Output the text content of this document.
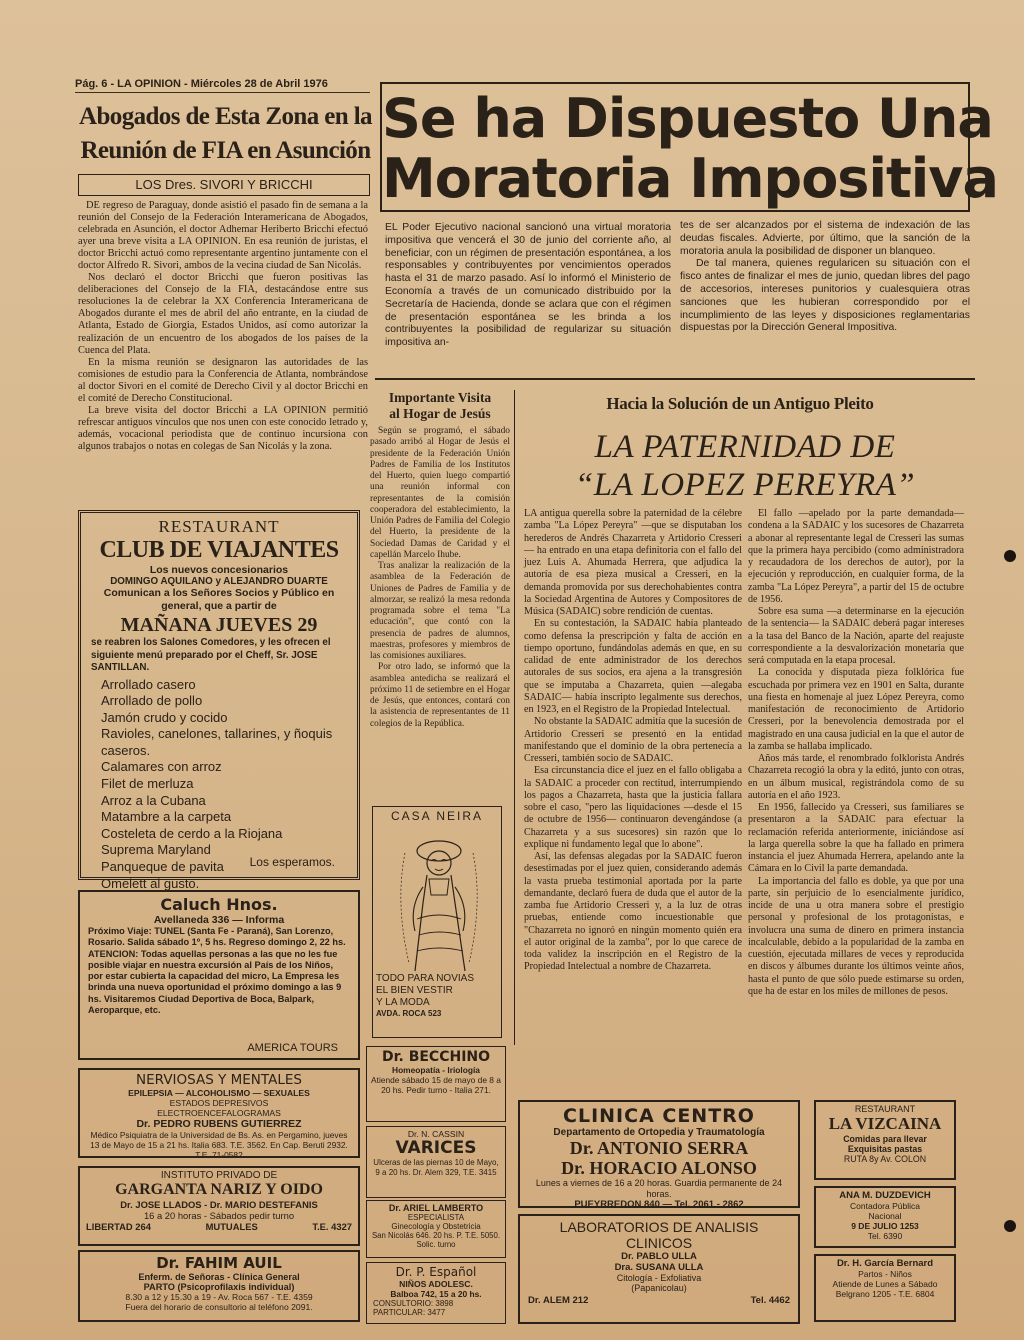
Pág. 6 - LA OPINION - Miércoles 28 de Abril 1976
Abogados de Esta Zona en la
Reunión de FIA en Asunción
LOS Dres. SIVORI Y BRICCHI

DE regreso de Paraguay, donde asistió el pasado fin de semana a la reunión del Consejo de la Federación Interamericana de Abogados, celebrada en Asunción, el doctor Adhemar Heriberto Bricchi efectuó ayer una breve visita a LA OPINION. En esa reunión de juristas, el doctor Bricchi actuó como representante argentino juntamente con el doctor Alfredo R. Sivori, ambos de la vecina ciudad de San Nicolás.

Nos declaró el doctor Bricchi que fueron positivas las deliberaciones del Consejo de la FIA, destacándose entre sus resoluciones la de celebrar la XX Conferencia Interamericana de Abogados durante el mes de abril del año entrante, en la ciudad de Atlanta, Estado de Giorgia, Estados Unidos, así como autorizar la realización de un encuentro de los abogados de los países de la Cuenca del Plata.

En la misma reunión se designaron las autoridades de las comisiones de estudio para la Conferencia de Atlanta, nombrándose al doctor Sivori en el comité de Derecho Civil y al doctor Bricchi en el comité de Derecho Constitucional.

La breve visita del doctor Bricchi a LA OPINION permitió refrescar antiguos vínculos que nos unen con este conocido letrado y, además, vocacional periodista que de continuo incursiona con algunos trabajos o notas en colegas de San Nicolás y la zona.

Se ha Dispuesto Una
Moratoria Impositiva
EL Poder Ejecutivo nacional sancionó una virtual moratoria impositiva que vencerá el 30 de junio del corriente año, al beneficiar, con un régimen de presentación espontánea, a los responsables y contribuyentes por vencimientos operados hasta el 31 de marzo pasado. Así lo informó el Ministerio de Economía a través de un comunicado distribuido por la Secretaría de Hacienda, donde se aclara que con el régimen de presentación espontánea se les brinda a los contribuyentes la posibilidad de regularizar su situación impositiva an-

tes de ser alcanzados por el sistema de indexación de las deudas fiscales. Advierte, por último, que la sanción de la moratoria anula la posibilidad de disponer un blanqueo.

De tal manera, quienes regularicen su situación con el fisco antes de finalizar el mes de junio, quedan libres del pago de accesorios, intereses punitorios y cualesquiera otras sanciones que les hubieran correspondido por el incumplimiento de las leyes y disposiciones reglamentarias dispuestas por la Dirección General Impositiva.

Importante Visita
al Hogar de Jesús

Según se programó, el sábado pasado arribó al Hogar de Jesús el presidente de la Federación Unión Padres de Familia de los Institutos del Huerto, quien luego compartió una reunión informal con representantes de la comisión cooperadora del establecimiento, la Unión Padres de Familia del Colegio del Huerto, la presidente de la Sociedad Damas de Caridad y el capellán Marcelo Ihube.

Tras analizar la realización de la asamblea de la Federación de Uniones de Padres de Familia y de almorzar, se realizó la mesa redonda programada sobre el tema "La educación", que contó con la presencia de padres de alumnos, maestras, profesores y miembros de las comisiones auxiliares.

Por otro lado, se informó que la asamblea antedicha se realizará el próximo 11 de setiembre en el Hogar de Jesús, que entonces, contará con la asistencia de representantes de 11 colegios de la República.

Hacia la Solución de un Antiguo Pleito
LA PATERNIDAD DE
“LA LOPEZ PEREYRA”

LA antigua querella sobre la paternidad de la célebre zamba "La López Pereyra" —que se disputaban los herederos de Andrés Chazarreta y Artidorio Cresseri— ha entrado en una etapa definitoria con el fallo del juez Luis A. Ahumada Herrera, que adjudica la autoría de esa pieza musical a Cresseri, en la demanda promovida por sus derechohabientes contra la Sociedad Argentina de Autores y Compositores de Música (SADAIC) sobre rendición de cuentas.

En su contestación, la SADAIC había planteado como defensa la prescripción y falta de acción en tiempo oportuno, fundándolas además en que, en su calidad de ente administrador de los derechos autorales de sus socios, era ajena a la transgresión que se imputaba a Chazarreta, quien —alegaba SADAIC— había inscripto legalmente sus derechos, en 1923, en el Registro de la Propiedad Intelectual.

No obstante la SADAIC admitía que la sucesión de Artidorio Cresseri se presentó en la entidad manifestando que el dominio de la obra pertenecía a Cresseri, también socio de SADAIC.

Esa circunstancia dice el juez en el fallo obligaba a la SADAIC a proceder con rectitud, interrumpiendo los pagos a Chazarreta, hasta que la justicia fallara sobre el caso, "pero las liquidaciones —desde el 15 de octubre de 1956— continuaron devengándose (a Chazarreta y a sus sucesores) sin razón que lo explique ni fundamento legal que lo abone".

Así, las defensas alegadas por la SADAIC fueron desestimadas por el juez quien, considerando además la vasta prueba testimonial aportada por la parte demandante, declaró fuera de duda que el autor de la zamba fue Artidorio Cresseri y, a la luz de otras pruebas, entiende como incuestionable que "Chazarreta no ignoró en ningún momento quién era el autor original de la zamba", por lo que carece de toda validez la inscripción en el Registro de la Propiedad Intelectual a nombre de Chazarreta.

El fallo —apelado por la parte demandada— condena a la SADAIC y los sucesores de Chazarreta a abonar al representante legal de Cresseri las sumas que la primera haya percibido (como administradora y recaudadora de los derechos de autor), por la ejecución y reproducción, en cualquier forma, de la zamba "La López Pereyra", a partir del 15 de octubre de 1956.

Sobre esa suma —a determinarse en la ejecución de la sentencia— la SADAIC deberá pagar intereses a la tasa del Banco de la Nación, aparte del reajuste correspondiente a la desvalorización monetaria que será computada en la etapa procesal.

La conocida y disputada pieza folklórica fue escuchada por primera vez en 1901 en Salta, durante una fiesta en homenaje al juez López Pereyra, como manifestación de reconocimiento de Artidorio Cresseri, por la benevolencia demostrada por el magistrado en una causa judicial en la que el autor de la zamba se hallaba implicado.

Años más tarde, el renombrado folklorista Andrés Chazarreta recogió la obra y la editó, junto con otras, en un álbum musical, registrándola como de su autoría en el año 1923.

En 1956, fallecido ya Cresseri, sus familiares se presentaron a la SADAIC para efectuar la reclamación referida anteriormente, iniciándose así la larga querella sobre la que ha fallado en primera instancia el juez Ahumada Herrera, apelando ante la Cámara en lo Civil la parte demandada.

La importancia del fallo es doble, ya que por una parte, sin perjuicio de lo esencialmente jurídico, incide de una u otra manera sobre el prestigio personal y profesional de los protagonistas, e involucra una suma de dinero en primera instancia incalculable, debido a la popularidad de la zamba en cuestión, ejecutada millares de veces y reproducida en discos y álbumes durante los últimos veinte años, hasta el punto de que sólo puede estimarse su orden, que ha de estar en los miles de millones de pesos.

RESTAURANT
CLUB DE VIAJANTES
Los nuevos concesionarios
DOMINGO AQUILANO y ALEJANDRO DUARTE
Comunican a los Señores Socios y Público en general, que a partir de
MAÑANA JUEVES 29
se reabren los Salones Comedores, y les ofrecen el siguiente menú preparado por el Cheff, Sr. JOSE SANTILLAN.
Arrollado casero
Arrollado de pollo
Jamón crudo y cocido
Ravioles, canelones, tallarines, y ñoquis caseros.
Calamares con arroz
Filet de merluza
Arroz a la Cubana
Matambre a la carpeta
Costeleta de cerdo a la Riojana
Suprema Maryland
Panqueque de pavita
Omelett al gusto.
Los esperamos.
Caluch Hnos.
Avellaneda 336 — Informa
Próximo Viaje: TUNEL (Santa Fe - Paraná), San Lorenzo, Rosario. Salida sábado 1º, 5 hs. Regreso domingo 2, 22 hs. ATENCION: Todas aquellas personas a las que no les fue posible viajar en nuestra excursión al País de los Niños, por estar cubierta la capacidad del micro, La Empresa les brinda una nueva oportunidad el próximo domingo a las 9 hs. Visitaremos Ciudad Deportiva de Boca, Balpark, Aeroparque, etc.
AMERICA TOURS
NERVIOSAS Y MENTALES
EPILEPSIA — ALCOHOLISMO — SEXUALES
ESTADOS DEPRESIVOS
ELECTROENCEFALOGRAMAS
Dr. PEDRO RUBENS GUTIERREZ
Médico Psiquiatra de la Universidad de Bs. As. en Pergamino, jueves 13 de Mayo de 15 a 21 hs. Italia 683. T.E. 3562. En Cap. Beruti 2932. T.E. 71-0582
INSTITUTO PRIVADO DE
GARGANTA NARIZ Y OIDO
Dr. JOSE LLADOS - Dr. MARIO DESTEFANIS
16 a 20 horas - Sábados pedir turno
LIBERTAD 264	MUTUALES	T.E. 4327
Dr. FAHIM AUIL
Enferm. de Señoras - Clínica General
PARTO (Psicoprofilaxis individual)
8.30 a 12 y 15.30 a 19 - Av. Roca 567 - T.E. 4359
Fuera del horario de consultorio al teléfono 2091.
CASA NEIRA
TODO PARA NOVIAS
EL BIEN VESTIR
Y LA MODA
AVDA. ROCA 523
Dr. BECCHINO
Homeopatía - Iriología
Atiende sábado 15 de mayo de 8 a 20 hs. Pedir turno - Italia 271.
Dr. N. CASSIN
VARICES
Ulceras de las piernas 10 de Mayo, 9 a 20 hs. Dr. Alem 329, T.E. 3415
Dr. ARIEL LAMBERTO
ESPECIALISTA
Ginecología y Obstetricia
San Nicolás 646. 20 hs. P. T.E. 5050. Solic. turno
Dr. P. Español
NIÑOS ADOLESC.
Balboa 742, 15 a 20 hs.
CONSULTORIO: 3898
PARTICULAR: 3477
CLINICA CENTRO
Departamento de Ortopedia y Traumatología
Dr. ANTONIO SERRA
Dr. HORACIO ALONSO
Lunes a viernes de 16 a 20 horas. Guardia permanente de 24 horas.
PUEYRREDON 840 — Tel. 2061 - 2862
LABORATORIOS DE ANALISIS
CLINICOS
Dr. PABLO ULLA
Dra. SUSANA ULLA
Citología - Exfoliativa
(Papanicolau)
Dr. ALEM 212	Tel. 4462
RESTAURANT
LA VIZCAINA
Comidas para llevar
Exquisitas pastas
RUTA 8y Av. COLON
ANA M. DUZDEVICH
Contadora Pública
Nacional
9 DE JULIO 1253
Tel. 6390
Dr. H. García Bernard
Partos - Niños
Atiende de Lunes a Sábado
Belgrano 1205 - T.E. 6804
